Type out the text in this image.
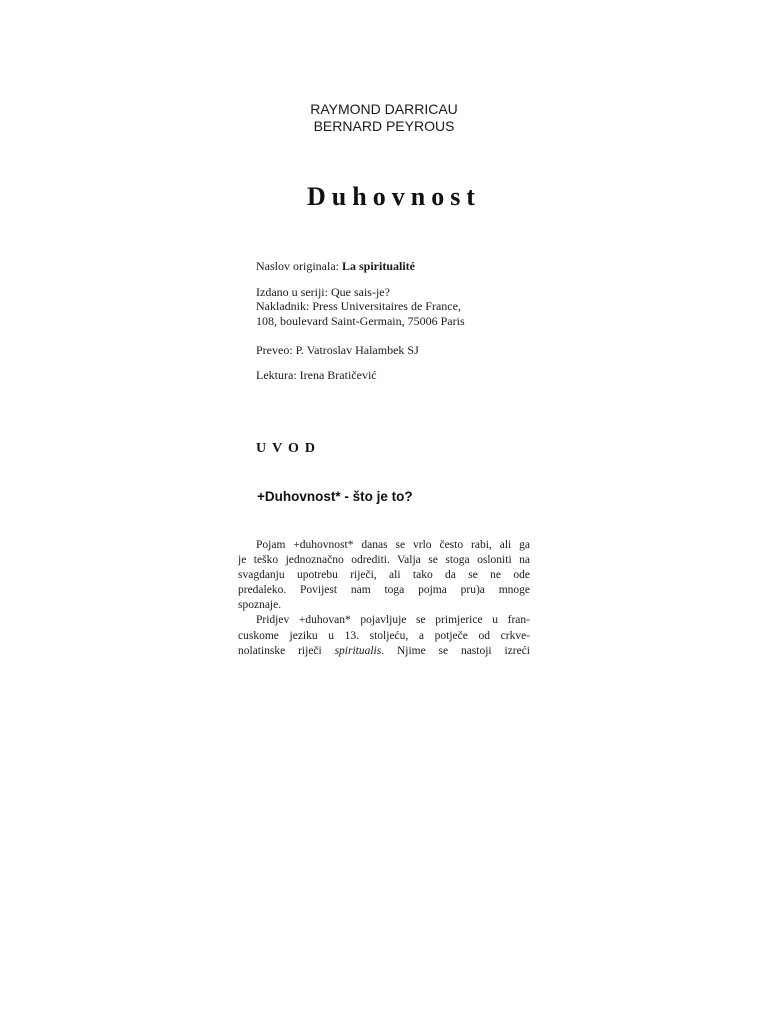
RAYMOND DARRICAU
BERNARD PEYROUS
Duhovnost
Naslov originala: La spiritualité
Izdano u seriji: Que sais-je?
Nakladnik: Press Universitaires de France,
108, boulevard Saint-Germain, 75006 Paris
Preveo: P. Vatroslav Halambek SJ
Lektura: Irena Bratičević
UVOD
+Duhovnost* - što je to?
Pojam +duhovnost* danas se vrlo često rabi, ali ga
je teško jednoznačno odrediti. Valja se stoga osloniti na
svagdanju upotrebu riječi, ali tako da se ne ode
predaleko. Povijest nam toga pojma pru)a mnoge
spoznaje.
Pridjev +duhovan* pojavljuje se primjerice u fran-
cuskome jeziku u 13. stoljeću, a potječe od crkve-
nolatinske riječi spiritualis. Njime se nastoji izreći
